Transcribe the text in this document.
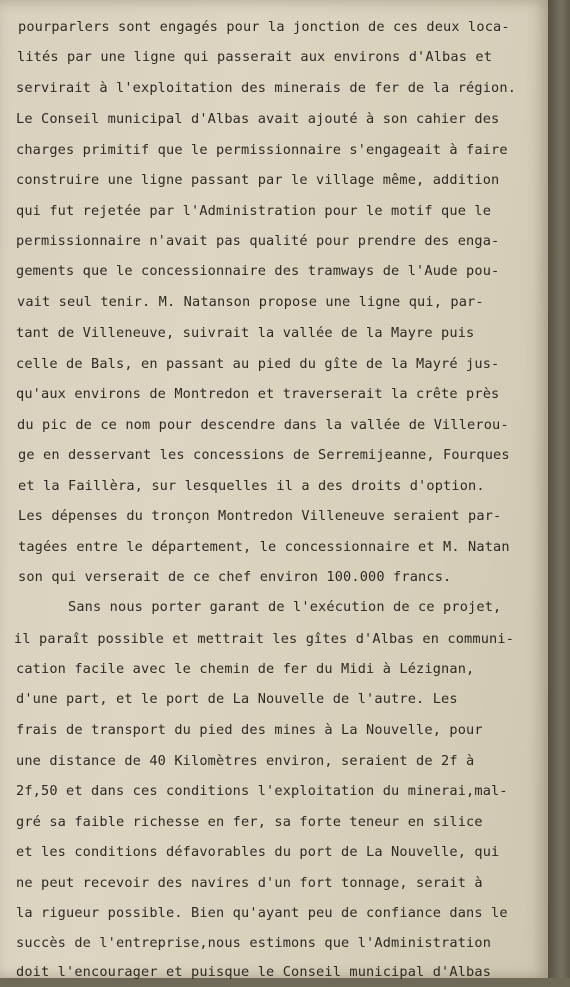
pourparlers sont engagés pour la jonction de ces deux loca-
lités par une ligne qui passerait aux environs d'Albas et
servirait à l'exploitation des minerais de fer de la région.
Le Conseil municipal d'Albas avait ajouté à son cahier des
charges primitif que le permissionnaire s'engageait à faire
construire une ligne passant par le village même, addition
qui fut rejetée par l'Administration pour le motif que le
permissionnaire n'avait pas qualité pour prendre des enga-
gements que le concessionnaire des tramways de l'Aude pou-
vait seul tenir. M. Natanson propose une ligne qui, par-
tant de Villeneuve, suivrait la vallée de la Mayre puis
celle de Bals, en passant au pied du gîte de la Mayré jus-
qu'aux environs de Montredon et traverserait la crête près
du pic de ce nom pour descendre dans la vallée de Villerou-
ge en desservant les concessions de Serremijeanne, Fourques
et la Faillèra, sur lesquelles il a des droits d'option.
Les dépenses du tronçon Montredon Villeneuve seraient par-
tagées entre le département, le concessionnaire et M. Natan
son qui verserait de ce chef environ 100.000 francs.
Sans nous porter garant de l'exécution de ce projet,
il paraît possible et mettrait les gîtes d'Albas en communi-
cation facile avec le chemin de fer du Midi à Lézignan,
d'une part, et le port de La Nouvelle de l'autre. Les
frais de transport du pied des mines à La Nouvelle, pour
une distance de 40 Kilomètres environ, seraient de 2f à
2f,50 et dans ces conditions l'exploitation du minerai,mal-
gré sa faible richesse en fer, sa forte teneur en silice
et les conditions défavorables du port de La Nouvelle, qui
ne peut recevoir des navires d'un fort tonnage, serait à
la rigueur possible. Bien qu'ayant peu de confiance dans le
succès de l'entreprise,nous estimons que l'Administration
doit l'encourager et puisque le Conseil municipal d'Albas
